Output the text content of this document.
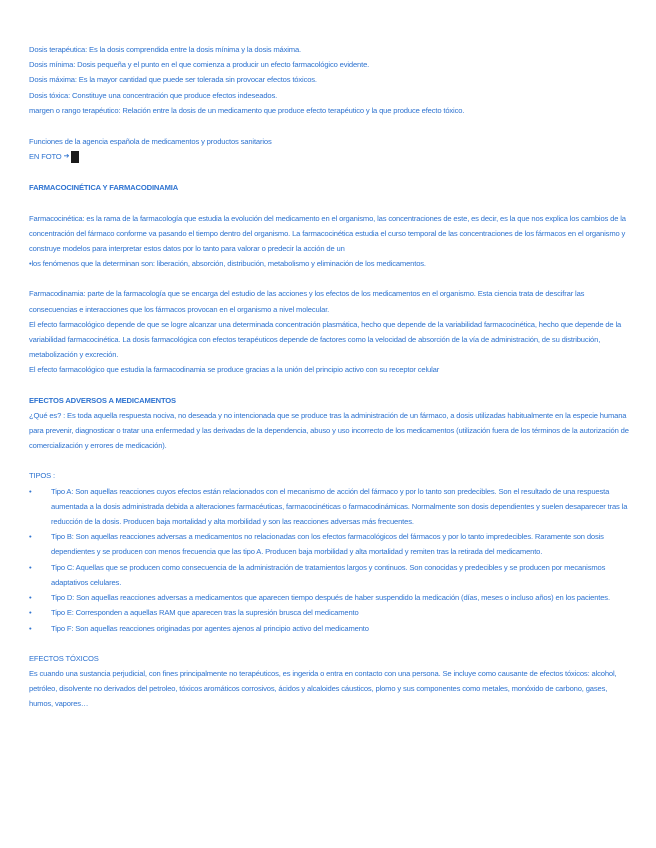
Dosis terapéutica: Es la dosis comprendida entre la dosis mínima y la dosis máxima.

Dosis mínima: Dosis pequeña y el punto en el que comienza a producir un efecto farmacológico evidente.

Dosis máxima: Es la mayor cantidad que puede ser tolerada sin provocar efectos tóxicos.

Dosis tóxica: Constituye una concentración que produce efectos indeseados.

margen o rango terapéutico: Relación entre la dosis de un medicamento que produce efecto terapéutico y la que produce efecto tóxico.

Funciones de la agencia española de medicamentos y productos sanitarios

EN FOTO ➔

FARMACOCINÉTICA Y FARMACODINAMIA

Farmacocinética: es la rama de la farmacología que estudia la evolución del medicamento en el organismo, las concentraciones de este, es decir, es la que nos explica los cambios de la concentración del fármaco conforme va pasando el tiempo dentro del organismo. La farmacocinética estudia el curso temporal de las concentraciones de los fármacos en el organismo y construye modelos para interpretar estos datos por lo tanto para valorar o predecir la acción de un

•los fenómenos que la determinan son: liberación, absorción, distribución, metabolismo y eliminación de los medicamentos.

Farmacodinamia: parte de la farmacología que se encarga del estudio de las acciones y los efectos de los medicamentos en el organismo. Esta ciencia trata de descifrar las consecuencias e interacciones que los fármacos provocan en el organismo a nivel molecular.

El efecto farmacológico depende de que se logre alcanzar una determinada concentración plasmática, hecho que depende de la variabilidad farmacocinética, hecho que depende de la variabilidad farmacocinética. La dosis farmacológica con efectos terapéuticos depende de factores como la velocidad de absorción de la vía de administración, de su distribución, metabolización y excreción.

El efecto farmacológico que estudia la farmacodinamia se produce gracias a la unión del principio activo con su receptor celular

EFECTOS ADVERSOS A MEDICAMENTOS

¿Qué es? : Es toda aquella respuesta nociva, no deseada y no intencionada que se produce tras la administración de un fármaco, a dosis utilizadas habitualmente en la especie humana para prevenir, diagnosticar o tratar una enfermedad y las derivadas de la dependencia, abuso y uso incorrecto de los medicamentos (utilización fuera de los términos de la autorización de comercialización y errores de medicación).

TIPOS :

•	Tipo A: Son aquellas reacciones cuyos efectos están relacionados con el mecanismo de acción del fármaco y por lo tanto son predecibles. Son el resultado de una respuesta aumentada a la dosis administrada debida a alteraciones farmacéuticas, farmacocinéticas o farmacodinámicas. Normalmente son dosis dependientes y suelen desaparecer tras la reducción de la dosis. Producen baja mortalidad y alta morbilidad y son las reacciones adversas más frecuentes.
•	Tipo B: Son aquellas reacciones adversas a medicamentos no relacionadas con los efectos farmacológicos del fármacos y por lo tanto impredecibles. Raramente son dosis dependientes y se producen con menos frecuencia que las tipo A. Producen baja morbilidad y alta mortalidad y remiten tras la retirada del medicamento.
•	Tipo C: Aquellas que se producen como consecuencia de la administración de tratamientos largos y continuos. Son conocidas y predecibles y se producen por mecanismos adaptativos celulares.
•	Tipo D: Son aquellas reacciones adversas a medicamentos que aparecen tiempo después de haber suspendido la medicación (días, meses o incluso años) en los pacientes.
•	Tipo E: Corresponden a aquellas RAM que aparecen tras la supresión brusca del medicamento
•	Tipo F: Son aquellas reacciones originadas por agentes ajenos al principio activo del medicamento

EFECTOS TÓXICOS

Es cuando una sustancia perjudicial, con fines principalmente no terapéuticos, es ingerida o entra en contacto con una persona. Se incluye como causante de efectos tóxicos: alcohol, petróleo, disolvente no derivados del petroleo, tóxicos aromáticos corrosivos, ácidos y alcaloides cáusticos, plomo y sus componentes como metales, monóxido de carbono, gases, humos, vapores…
